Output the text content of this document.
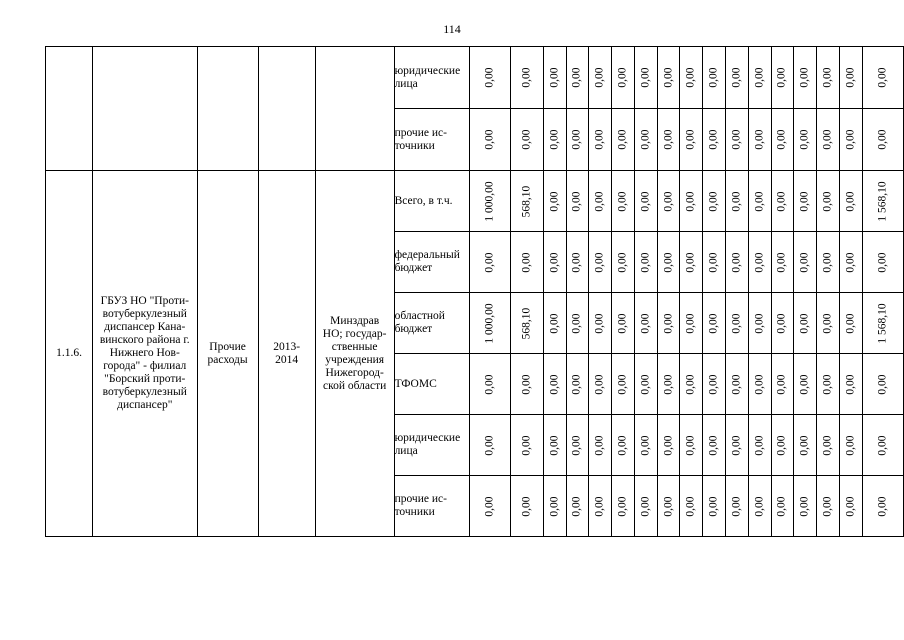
114
					юридические лица	0,00	0,00	0,00	0,00	0,00	0,00	0,00	0,00	0,00	0,00	0,00	0,00	0,00	0,00	0,00	0,00	0,00
					прочие ис-точники	0,00	0,00	0,00	0,00	0,00	0,00	0,00	0,00	0,00	0,00	0,00	0,00	0,00	0,00	0,00	0,00	0,00
1.1.6.	ГБУЗ НО "Проти-вотуберкулезный диспансер Кана-винского района г. Нижнего Нов-города" - филиал "Борский проти-вотуберкулезный диспансер"	Прочие расходы	2013-2014	Минздрав НО; государ-ственные учреждения Нижегород-ской области	Всего, в т.ч.	1 000,00	568,10	0,00	0,00	0,00	0,00	0,00	0,00	0,00	0,00	0,00	0,00	0,00	0,00	0,00	0,00	1 568,10
					федеральный бюджет	0,00	0,00	0,00	0,00	0,00	0,00	0,00	0,00	0,00	0,00	0,00	0,00	0,00	0,00	0,00	0,00	0,00
					областной бюджет	1 000,00	568,10	0,00	0,00	0,00	0,00	0,00	0,00	0,00	0,00	0,00	0,00	0,00	0,00	0,00	0,00	1 568,10
					ТФОМС	0,00	0,00	0,00	0,00	0,00	0,00	0,00	0,00	0,00	0,00	0,00	0,00	0,00	0,00	0,00	0,00	0,00
					юридические лица	0,00	0,00	0,00	0,00	0,00	0,00	0,00	0,00	0,00	0,00	0,00	0,00	0,00	0,00	0,00	0,00	0,00
					прочие ис-точники	0,00	0,00	0,00	0,00	0,00	0,00	0,00	0,00	0,00	0,00	0,00	0,00	0,00	0,00	0,00	0,00	0,00
